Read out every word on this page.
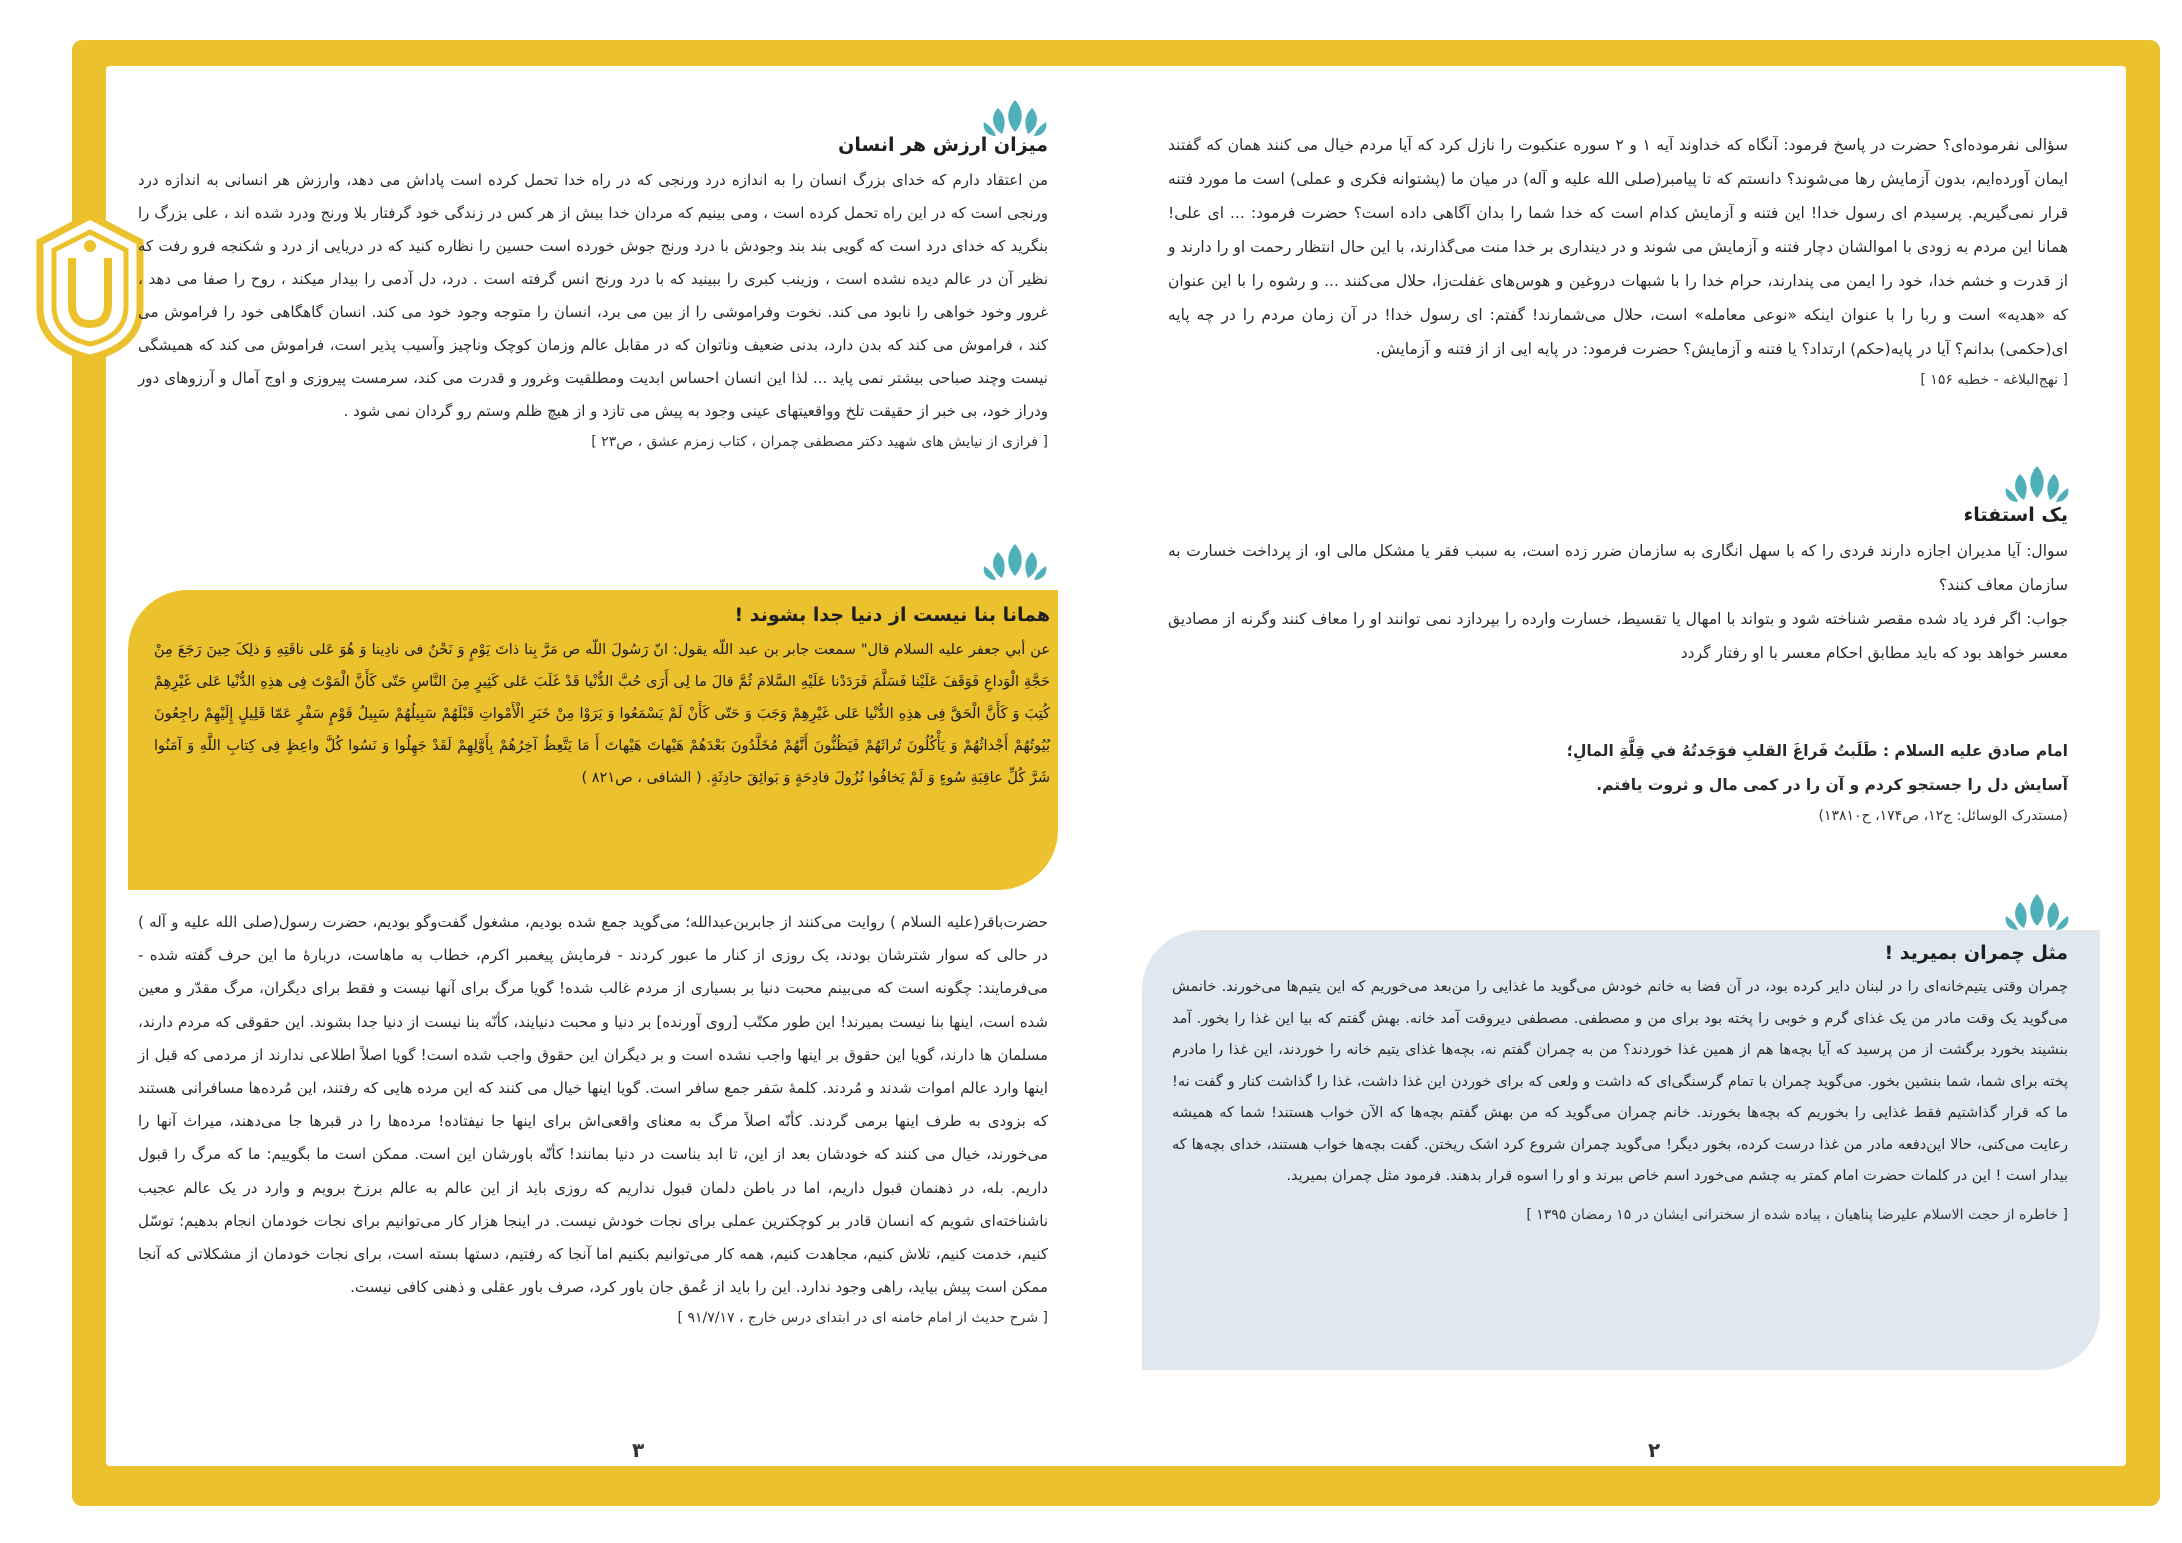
نشریه معرفتی بصیرتی دوره نسیجه نجات بخش

سؤالی نفرموده‌ای؟ حضرت در پاسخ فرمود: آنگاه که خداوند آیه ۱ و ۲ سوره عنکبوت را نازل کرد که آیا مردم خیال می کنند همان که گفتند ایمان آورده‌ایم، بدون آزمایش رها می‌شوند؟ دانستم که تا پیامبر(صلی الله علیه و آله) در میان ما (پشتوانه فکری و عملی) است ما مورد فتنه قرار نمی‌گیریم. پرسیدم ای رسول خدا! این فتنه و آزمایش کدام است که خدا شما را بدان آگاهی داده است؟ حضرت فرمود: ... ای علی! همانا این مردم به زودی با اموالشان دچار فتنه و آزمایش می شوند و در دینداری بر خدا منت می‌گذارند، با این حال انتظار رحمت او را دارند و از قدرت و خشم خدا، خود را ایمن می پندارند، حرام خدا را با شبهات دروغین و هوس‌های غفلت‌زا، حلال می‌کنند ... و رشوه را با این عنوان که «هدیه» است و ربا را با عنوان اینکه «نوعی معامله» است، حلال می‌شمارند! گفتم: ای رسول خدا! در آن زمان مردم را در چه پایه ای(حکمی) بدانم؟ آیا در پایه(حکم) ارتداد؟ یا فتنه و آزمایش؟ حضرت فرمود: در پایه ایی از از فتنه و آزمایش.

[ نهج‌البلاغه - خطبه ۱۵۶ ]
یک استفتاء

سوال: آیا مدیران اجازه دارند فردی را که با سهل انگاری به سازمان ضرر زده است، به سبب فقر یا مشکل مالی او، از پرداخت خسارت به سازمان معاف کنند؟

جواب: اگر فرد یاد شده مقصر شناخته شود و بتواند با امهال یا تقسیط، خسارت وارده را بپردازد نمی توانند او را معاف کنند وگرنه از مصادیق معسر خواهد بود که باید مطابق احکام معسر با او رفتار گردد

امام صادق علیه السلام : طَلَبتُ فَراغَ القلبِ فوَجَدتُهُ في قِلَّةِ المالِ؛
آسایش دل را جستجو کردم و آن را در کمی مال و ثروت یافتم.
(مستدرک الوسائل: ج۱۲، ص۱۷۴، ح۱۳۸۱۰)
مثل چمران بمیرید !

چمران وقتی یتیم‌خانه‌ای را در لبنان دایر کرده بود، در آن فضا به خانم خودش می‌گوید ما غذایی را من‌بعد می‌خوریم که این یتیم‌ها می‌خورند. خانمش می‌گوید یک وقت مادر من یک غذای گرم و خوبی را پخته بود برای من و مصطفی. مصطفی دیروقت آمد خانه. بهش گفتم که بیا این غذا را بخور. آمد بنشیند بخورد برگشت از من پرسید که آیا بچه‌ها هم از همین غذا خوردند؟ من به چمران گفتم نه، بچه‌ها غذای یتیم خانه را خوردند، این غذا را مادرم پخته برای شما، شما بنشین بخور. می‌گوید چمران با تمام گرسنگی‌ای که داشت و ولعی که برای خوردن این غذا داشت، غذا را گذاشت کنار و گفت نه! ما که قرار گذاشتیم فقط غذایی را بخوریم که بچه‌ها بخورند. خانم چمران می‌گوید که من بهش گفتم بچه‌ها که الآن خواب هستند! شما که همیشه رعایت می‌کنی، حالا این‌دفعه مادر من غذا درست کرده، بخور دیگر! می‌گوید چمران شروع کرد اشک ریختن. گفت بچه‌ها خواب هستند، خدای بچه‌ها که بیدار است ! این در کلمات حضرت امام کمتر به چشم می‌خورد اسم خاص ببرند و او را اسوه قرار بدهند. فرمود مثل چمران بمیرید.

[ خاطره از حجت الاسلام علیرضا پناهیان ، پیاده شده از سخنرانی ایشان در ۱۵ رمضان ۱۳۹۵ ]
۲
میزان ارزش هر انسان

من اعتقاد دارم که خدای بزرگ انسان را به اندازه درد ورنجی که در راه خدا تحمل کرده است پاداش می دهد، وارزش هر انسانی به اندازه درد ورنجی است که در این راه تحمل کرده است ، ومی بینیم که مردان خدا بیش از هر کس در زندگی خود گرفتار بلا ورنج ودرد شده اند ، علی بزرگ را بنگرید که خدای درد است که گویی بند بند وجودش با درد ورنج جوش خورده است حسین را نظاره کنید که در دریایی از درد و شکنجه فرو رفت که نظیر آن در عالم دیده نشده است ، وزینب کبری را ببینید که با درد ورنج انس گرفته است . درد، دل آدمی را بیدار میکند ، روح را صفا می دهد ، غرور وخود خواهی را نابود می کند. نخوت وفراموشی را از بین می برد، انسان را متوجه وجود خود می کند. انسان گاهگاهی خود را فراموش می کند ، فراموش می کند که بدن دارد، بدنی ضعیف وناتوان که در مقابل عالم وزمان کوچک وناچیز وآسیب پذیر است، فراموش می کند که همیشگی نیست وچند صباحی بیشتر نمی پاید ... لذا این انسان احساس ابدیت ومطلقیت وغرور و قدرت می کند، سرمست پیروزی و اوج آمال و آرزوهای دور ودراز خود، بی خبر از حقیقت تلخ وواقعیتهای عینی وجود به پیش می تازد و از هیچ ظلم وستم رو گردان نمی شود .

[ فرازی از نیایش های شهید دکتر مصطفی چمران ، کتاب زمزم عشق ، ص۲۳ ]
همانا بنا نیست از دنیا جدا بشوند !

عن أبي جعفر علیه السلام قال" سمعت جابر بن عبد اللّه یقول: انّ رَسُولَ اللّه ص مَرَّ بِنا ذاتَ یَوْمٍ وَ نَحْنُ فی نادِینا وَ هُوَ عَلی ناقَتِهِ وَ ذلِکَ حِینَ رَجَعَ مِنْ حَجَّةِ الْوَداعِ فَوَقَفَ عَلَیْنا فَسَلَّمَ فَرَدَدْنا عَلَیْهِ السَّلامَ ثُمَّ قالَ ما لِی أَرَی حُبَّ الدُّنْیا قَدْ غَلَبَ عَلی کَثِیرٍ مِنَ النَّاسِ حَتّی کَأَنَّ الْمَوْتَ فِی هذِهِ الدُّنْیا عَلی غَیْرِهِمْ کُتِبَ وَ کَأَنَّ الْحَقَّ فِی هذِهِ الدُّنْیا عَلی غَیْرِهِمْ وَجَبَ وَ حَتّی کَأَنْ لَمْ یَسْمَعُوا وَ یَرَوْا مِنْ خَبَرِ الْأَمْواتِ قَبْلَهُمْ سَبِیلُهُمْ سَبِیلُ قَوْمٍ سَفْرٍ عَمّا قَلِیلٍ إِلَیْهِمْ راجِعُونَ بُیُوتُهُمْ أَجْداثُهُمْ وَ یَأْکُلُونَ تُراثَهُمْ فَیَظُنُّونَ أَنَّهُمْ مُخَلَّدُونَ بَعْدَهُمْ هَیْهاتَ هَیْهاتَ أَ مَا یَتَّعِظُ آخِرُهُمْ بِأَوَّلِهِمْ لَقَدْ جَهِلُوا وَ نَسُوا کُلَّ واعِظٍ فِی کِتابِ اللَّهِ وَ آمَنُوا شَرَّ کُلِّ عاقِبَةِ سُوءٍ وَ لَمْ یَخافُوا نُزُولَ فادِحَةٍ وَ بَوائِقَ حادِثَةٍ. ( الشافی ، ص۸۲۱ )

حضرت‌باقر(علیه السلام ) روایت می‌کنند از جابربن‌عبدالله؛ می‌گوید جمع شده بودیم، مشغول گفت‌وگو بودیم، حضرت رسول(صلی الله علیه و آله ) در حالی که سوار شترشان بودند، یک روزی از کنار ما عبور کردند - فرمایش پیغمبر اکرم، خطاب به ماهاست، دربارۀ ما این حرف گفته شده - می‌فرمایند: چگونه است که می‌بینم محبت دنیا بر بسیاری از مردم غالب شده! گویا مرگ برای آنها نیست و فقط برای دیگران، مرگ مقدّر و معین شده است، اینها بنا نیست بمیرند! این طور مکتّب [روی آورنده] بر دنیا و محبت دنیایند، کأنّه بنا نیست از دنیا جدا بشوند. این حقوقی که مردم دارند، مسلمان ها دارند، گویا این حقوق بر اینها واجب نشده است و بر دیگران این حقوق واجب شده است! گویا اصلاً اطلاعی ندارند از مردمی که قبل از اینها وارد عالم اموات شدند و مُردند. کلمۀ سَفر جمع سافر است. گویا اینها خیال می کنند که این مرده هایی که رفتند، این مُرده‌ها مسافرانی هستند که بزودی به طرف اینها برمی گردند. کأنّه اصلاً مرگ به معنای واقعی‌اش برای اینها جا نیفتاده! مرده‌ها را در قبرها جا می‌دهند، میراث آنها را می‌خورند، خیال می کنند که خودشان بعد از این، تا ابد بناست در دنیا بمانند! کأنّه باورشان این است. ممکن است ما بگوییم: ما که مرگ را قبول داریم. بله، در ذهنمان قبول داریم، اما در باطن دلمان قبول نداریم که روزی باید از این عالم به عالم برزخ برویم و وارد در یک عالم عجیب ناشناخته‌ای شویم که انسان قادر بر کوچکترین عملی برای نجات خودش نیست. در اینجا هزار کار می‌توانیم برای نجات خودمان انجام بدهیم؛ توسّل کنیم، خدمت کنیم، تلاش کنیم، مجاهدت کنیم، همه کار می‌توانیم بکنیم اما آنجا که رفتیم، دستها بسته است، برای نجات خودمان از مشکلاتی که آنجا ممکن است پیش بیاید، راهی وجود ندارد. این را باید از عُمق جان باور کرد، صرف باور عقلی و ذهنی کافی نیست.

[ شرح حدیث از امام خامنه ای در ابتدای درس خارج ، ۹۱/۷/۱۷ ]
۳
